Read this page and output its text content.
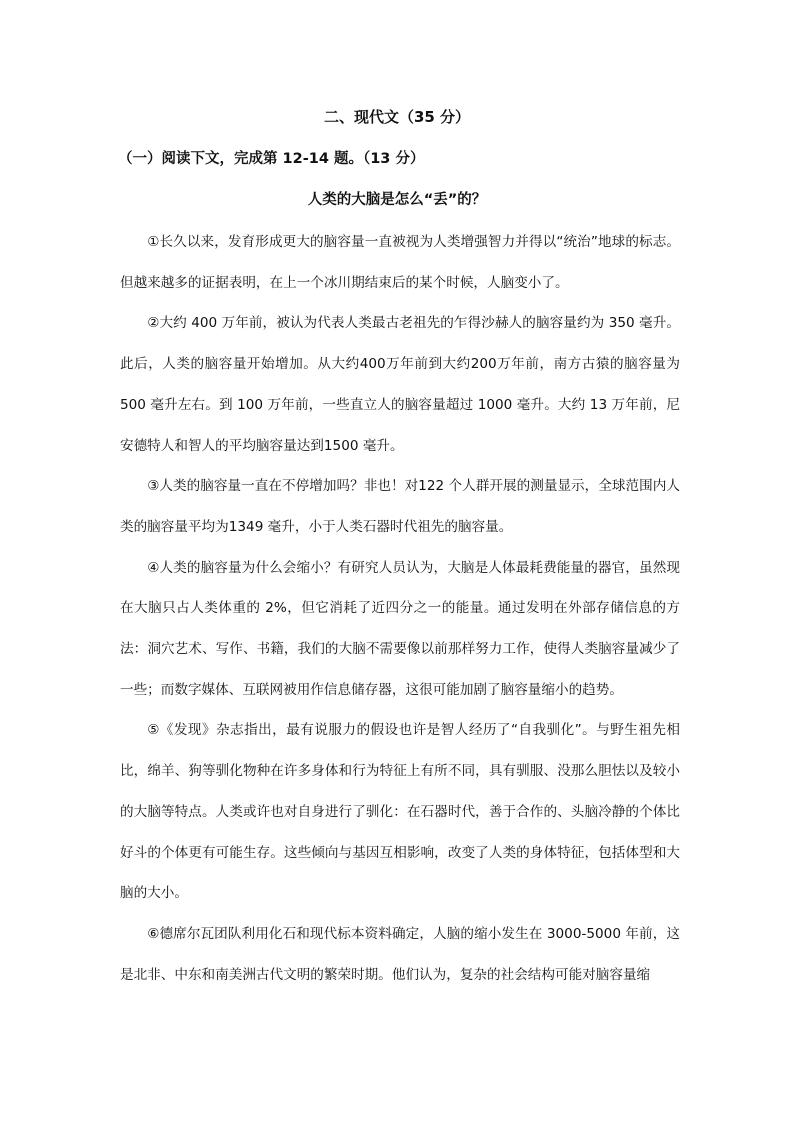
二、现代文（35 分）

（一）阅读下文，完成第 12-14 题。（13 分）

人类的大脑是怎么“丢”的？

①长久以来，发育形成更大的脑容量一直被视为人类增强智力并得以“统治”地球的标志。但越来越多的证据表明，在上一个冰川期结束后的某个时候，人脑变小了。

②大约 400 万年前，被认为代表人类最古老祖先的乍得沙赫人的脑容量约为 350 毫升。此后，人类的脑容量开始增加。从大约400万年前到大约200万年前，南方古猿的脑容量为 500 毫升左右。到 100 万年前，一些直立人的脑容量超过 1000 毫升。大约 13 万年前，尼安德特人和智人的平均脑容量达到1500 毫升。

③人类的脑容量一直在不停增加吗？非也！对122 个人群开展的测量显示，全球范围内人类的脑容量平均为1349 毫升，小于人类石器时代祖先的脑容量。

④人类的脑容量为什么会缩小？有研究人员认为，大脑是人体最耗费能量的器官，虽然现在大脑只占人类体重的 2%，但它消耗了近四分之一的能量。通过发明在外部存储信息的方法：洞穴艺术、写作、书籍，我们的大脑不需要像以前那样努力工作，使得人类脑容量减少了一些；而数字媒体、互联网被用作信息储存器，这很可能加剧了脑容量缩小的趋势。

⑤《发现》杂志指出，最有说服力的假设也许是智人经历了“自我驯化”。与野生祖先相比，绵羊、狗等驯化物种在许多身体和行为特征上有所不同，具有驯服、没那么胆怯以及较小的大脑等特点。人类或许也对自身进行了驯化：在石器时代，善于合作的、头脑冷静的个体比好斗的个体更有可能生存。这些倾向与基因互相影响，改变了人类的身体特征，包括体型和大脑的大小。

⑥德席尔瓦团队利用化石和现代标本资料确定，人脑的缩小发生在 3000-5000 年前，这是北非、中东和南美洲古代文明的繁荣时期。他们认为，复杂的社会结构可能对脑容量缩
